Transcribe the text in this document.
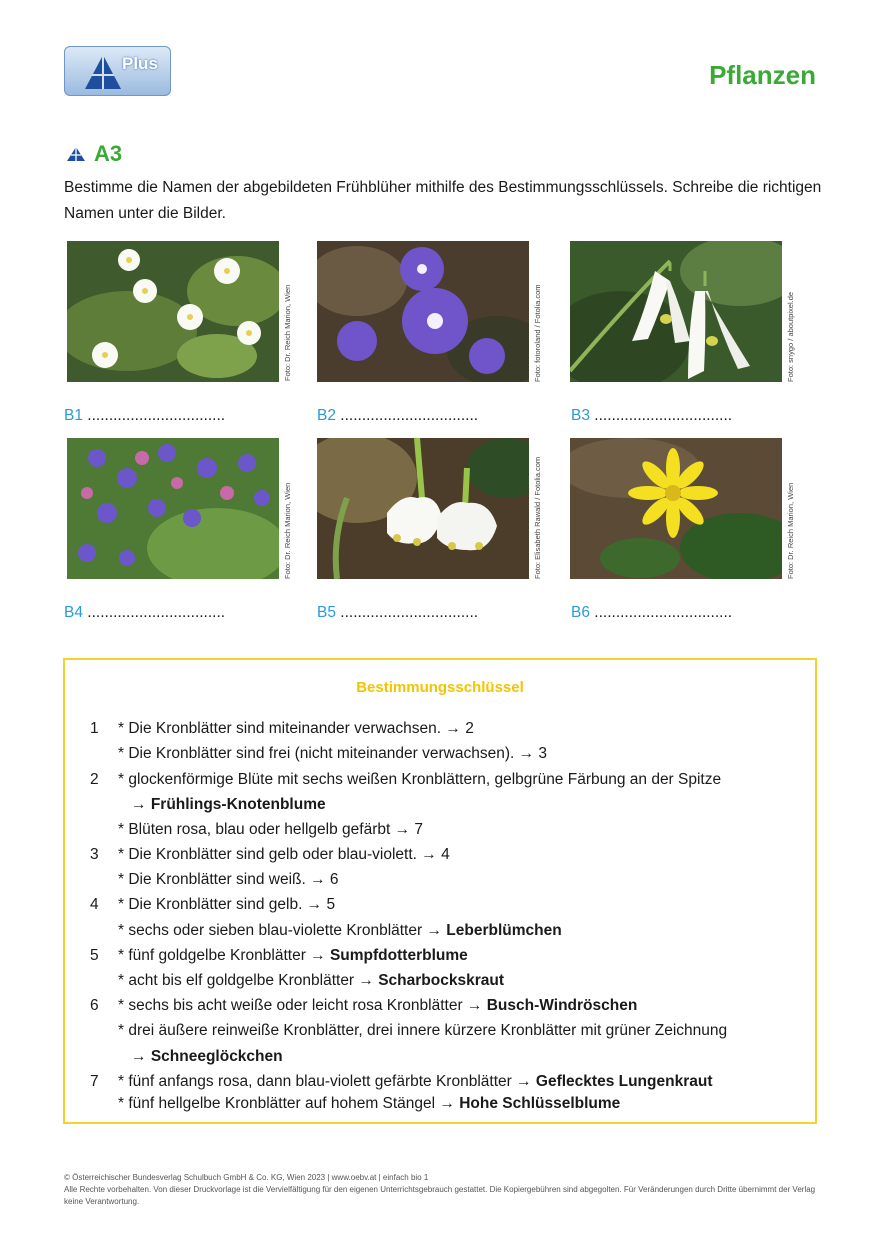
Plus	Pflanzen
A3
Bestimme die Namen der abgebildeten Frühblüher mithilfe des Bestimmungsschlüssels. Schreibe die richtigen Namen unter die Bilder.
Foto: Dr. Reich Marion, Wien	Foto: fotoroland / Fotolia.com	Foto: snygo / aboutpixel.de
B1 ................................	B2 ................................	B3 ................................
Foto: Dr. Reich Marion, Wien	Foto: Elisabeth Rawald / Fotolia.com	Foto: Dr. Reich Marion, Wien
B4 ................................	B5 ................................	B6 ................................
Bestimmungsschlüssel
1 * Die Kronblätter sind miteinander verwachsen. → 2
* Die Kronblätter sind frei (nicht miteinander verwachsen). → 3
2 * glockenförmige Blüte mit sechs weißen Kronblättern, gelbgrüne Färbung an der Spitze
→ Frühlings-Knotenblume
* Blüten rosa, blau oder hellgelb gefärbt → 7
3 * Die Kronblätter sind gelb oder blau-violett. → 4
* Die Kronblätter sind weiß. → 6
4 * Die Kronblätter sind gelb. → 5
* sechs oder sieben blau-violette Kronblätter → Leberblümchen
5 * fünf goldgelbe Kronblätter → Sumpfdotterblume
* acht bis elf goldgelbe Kronblätter → Scharbockskraut
6 * sechs bis acht weiße oder leicht rosa Kronblätter → Busch-Windröschen
* drei äußere reinweiße Kronblätter, drei innere kürzere Kronblätter mit grüner Zeichnung
→ Schneeglöckchen
7 * fünf anfangs rosa, dann blau-violett gefärbte Kronblätter → Geflecktes Lungenkraut
* fünf hellgelbe Kronblätter auf hohem Stängel → Hohe Schlüsselblume
© Österreichischer Bundesverlag Schulbuch GmbH & Co. KG, Wien 2023 | www.oebv.at | einfach bio 1
Alle Rechte vorbehalten. Von dieser Druckvorlage ist die Vervielfältigung für den eigenen Unterrichtsgebrauch gestattet. Die Kopiergebühren sind abgegolten. Für Veränderungen durch Dritte übernimmt der Verlag keine Verantwortung.
